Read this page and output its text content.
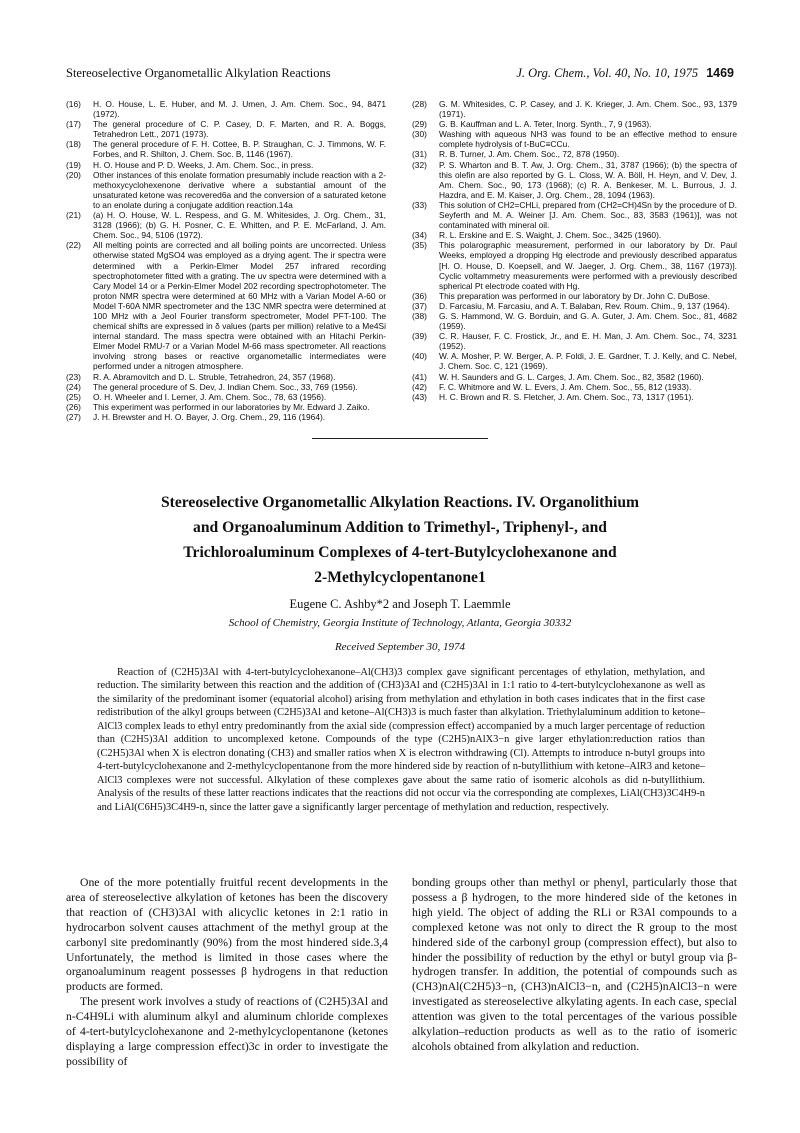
Stereoselective Organometallic Alkylation Reactions	J. Org. Chem., Vol. 40, No. 10, 1975 1469
(16)	H. O. House, L. E. Huber, and M. J. Umen, J. Am. Chem. Soc., 94, 8471 (1972).
(17)	The general procedure of C. P. Casey, D. F. Marten, and R. A. Boggs, Tetrahedron Lett., 2071 (1973).
(18)	The general procedure of F. H. Cottee, B. P. Straughan, C. J. Timmons, W. F. Forbes, and R. Shilton, J. Chem. Soc. B, 1146 (1967).
(19)	H. O. House and P. D. Weeks, J. Am. Chem. Soc., in press.
(20)	Other instances of this enolate formation presumably include reaction with a 2-methoxycyclohexenone derivative where a substantial amount of the unsaturated ketone was recovered6a and the conversion of a saturated ketone to an enolate during a conjugate addition reaction.14a
(21)	(a) H. O. House, W. L. Respess, and G. M. Whitesides, J. Org. Chem., 31, 3128 (1966); (b) G. H. Posner, C. E. Whitten, and P. E. McFarland, J. Am. Chem. Soc., 94, 5106 (1972).
(22)	All melting points are corrected and all boiling points are uncorrected. Unless otherwise stated MgSO4 was employed as a drying agent. The ir spectra were determined with a Perkin-Elmer Model 257 infrared recording spectrophotometer fitted with a grating. The uv spectra were determined with a Cary Model 14 or a Perkin-Elmer Model 202 recording spectrophotometer. The proton NMR spectra were determined at 60 MHz with a Varian Model A-60 or Model T-60A NMR spectrometer and the 13C NMR spectra were determined at 100 MHz with a Jeol Fourier transform spectrometer, Model PFT-100. The chemical shifts are expressed in δ values (parts per million) relative to a Me4Si internal standard. The mass spectra were obtained with an Hitachi Perkin-Elmer Model RMU-7 or a Varian Model M-66 mass spectrometer. All reactions involving strong bases or reactive organometallic intermediates were performed under a nitrogen atmosphere.
(23)	R. A. Abramovitch and D. L. Struble, Tetrahedron, 24, 357 (1968).
(24)	The general procedure of S. Dev, J. Indian Chem. Soc., 33, 769 (1956).
(25)	O. H. Wheeler and I. Lerner, J. Am. Chem. Soc., 78, 63 (1956).
(26)	This experiment was performed in our laboratories by Mr. Edward J. Zaiko.
(27)	J. H. Brewster and H. O. Bayer, J. Org. Chem., 29, 116 (1964).
(28)	G. M. Whitesides, C. P. Casey, and J. K. Krieger, J. Am. Chem. Soc., 93, 1379 (1971).
(29)	G. B. Kauffman and L. A. Teter, Inorg. Synth., 7, 9 (1963).
(30)	Washing with aqueous NH3 was found to be an effective method to ensure complete hydrolysis of t-BuC≡CCu.
(31)	R. B. Turner, J. Am. Chem. Soc., 72, 878 (1950).
(32)	P. S. Wharton and B. T. Aw, J. Org. Chem., 31, 3787 (1966); (b) the spectra of this olefin are also reported by G. L. Closs, W. A. Böll, H. Heyn, and V. Dev, J. Am. Chem. Soc., 90, 173 (1968); (c) R. A. Benkeser, M. L. Burrous, J. J. Hazdra, and E. M. Kaiser, J. Org. Chem., 28, 1094 (1963).
(33)	This solution of CH2=CHLi, prepared from (CH2=CH)4Sn by the procedure of D. Seyferth and M. A. Weiner [J. Am. Chem. Soc., 83, 3583 (1961)], was not contaminated with mineral oil.
(34)	R. L. Erskine and E. S. Waight, J. Chem. Soc., 3425 (1960).
(35)	This polarographic measurement, performed in our laboratory by Dr. Paul Weeks, employed a dropping Hg electrode and previously described apparatus [H. O. House, D. Koepsell, and W. Jaeger, J. Org. Chem., 38, 1167 (1973)]. Cyclic voltammetry measurements were performed with a previously described spherical Pt electrode coated with Hg.
(36)	This preparation was performed in our laboratory by Dr. John C. DuBose.
(37)	D. Farcasiu, M. Farcasiu, and A. T. Balaban, Rev. Roum. Chim., 9, 137 (1964).
(38)	G. S. Hammond, W. G. Borduin, and G. A. Guter, J. Am. Chem. Soc., 81, 4682 (1959).
(39)	C. R. Hauser, F. C. Frostick, Jr., and E. H. Man, J. Am. Chem. Soc., 74, 3231 (1952).
(40)	W. A. Mosher, P. W. Berger, A. P. Foldi, J. E. Gardner, T. J. Kelly, and C. Nebel, J. Chem. Soc. C, 121 (1969).
(41)	W. H. Saunders and G. L. Carges, J. Am. Chem. Soc., 82, 3582 (1960).
(42)	F. C. Whitmore and W. L. Evers, J. Am. Chem. Soc., 55, 812 (1933).
(43)	H. C. Brown and R. S. Fletcher, J. Am. Chem. Soc., 73, 1317 (1951).
Stereoselective Organometallic Alkylation Reactions. IV. Organolithium
and Organoaluminum Addition to Trimethyl-, Triphenyl-, and
Trichloroaluminum Complexes of 4-tert-Butylcyclohexanone and
2-Methylcyclopentanone1
Eugene C. Ashby*2 and Joseph T. Laemmle
School of Chemistry, Georgia Institute of Technology, Atlanta, Georgia 30332
Received September 30, 1974

Reaction of (C2H5)3Al with 4-tert-butylcyclohexanone–Al(CH3)3 complex gave significant percentages of ethylation, methylation, and reduction. The similarity between this reaction and the addition of (CH3)3Al and (C2H5)3Al in 1:1 ratio to 4-tert-butylcyclohexanone as well as the similarity of the predominant isomer (equatorial alcohol) arising from methylation and ethylation in both cases indicates that in the first case redistribution of the alkyl groups between (C2H5)3Al and ketone–Al(CH3)3 is much faster than alkylation. Triethylaluminum addition to ketone–AlCl3 complex leads to ethyl entry predominantly from the axial side (compression effect) accompanied by a much larger percentage of reduction than (C2H5)3Al addition to uncomplexed ketone. Compounds of the type (C2H5)nAlX3−n give larger ethylation:reduction ratios than (C2H5)3Al when X is electron donating (CH3) and smaller ratios when X is electron withdrawing (Cl). Attempts to introduce n-butyl groups into 4-tert-butylcyclohexanone and 2-methylcyclopentanone from the more hindered side by reaction of n-butyllithium with ketone–AlR3 and ketone–AlCl3 complexes were not successful. Alkylation of these complexes gave about the same ratio of isomeric alcohols as did n-butyllithium. Analysis of the results of these latter reactions indicates that the reactions did not occur via the corresponding ate complexes, LiAl(CH3)3C4H9-n and LiAl(C6H5)3C4H9-n, since the latter gave a significantly larger percentage of methylation and reduction, respectively.

One of the more potentially fruitful recent developments in the area of stereoselective alkylation of ketones has been the discovery that reaction of (CH3)3Al with alicyclic ketones in 2:1 ratio in hydrocarbon solvent causes attachment of the methyl group at the carbonyl site predominantly (90%) from the most hindered side.3,4 Unfortunately, the method is limited in those cases where the organoaluminum reagent possesses β hydrogens in that reduction products are formed.

The present work involves a study of reactions of (C2H5)3Al and n-C4H9Li with aluminum alkyl and aluminum chloride complexes of 4-tert-butylcyclohexanone and 2-methylcyclopentanone (ketones displaying a large compression effect)3c in order to investigate the possibility of

bonding groups other than methyl or phenyl, particularly those that possess a β hydrogen, to the more hindered side of the ketones in high yield. The object of adding the RLi or R3Al compounds to a complexed ketone was not only to direct the R group to the most hindered side of the carbonyl group (compression effect), but also to hinder the possibility of reduction by the ethyl or butyl group via β-hydrogen transfer. In addition, the potential of compounds such as (CH3)nAl(C2H5)3−n, (CH3)nAlCl3−n, and (C2H5)nAlCl3−n were investigated as stereoselective alkylating agents. In each case, special attention was given to the total percentages of the various possible alkylation–reduction products as well as to the ratio of isomeric alcohols obtained from alkylation and reduction.
